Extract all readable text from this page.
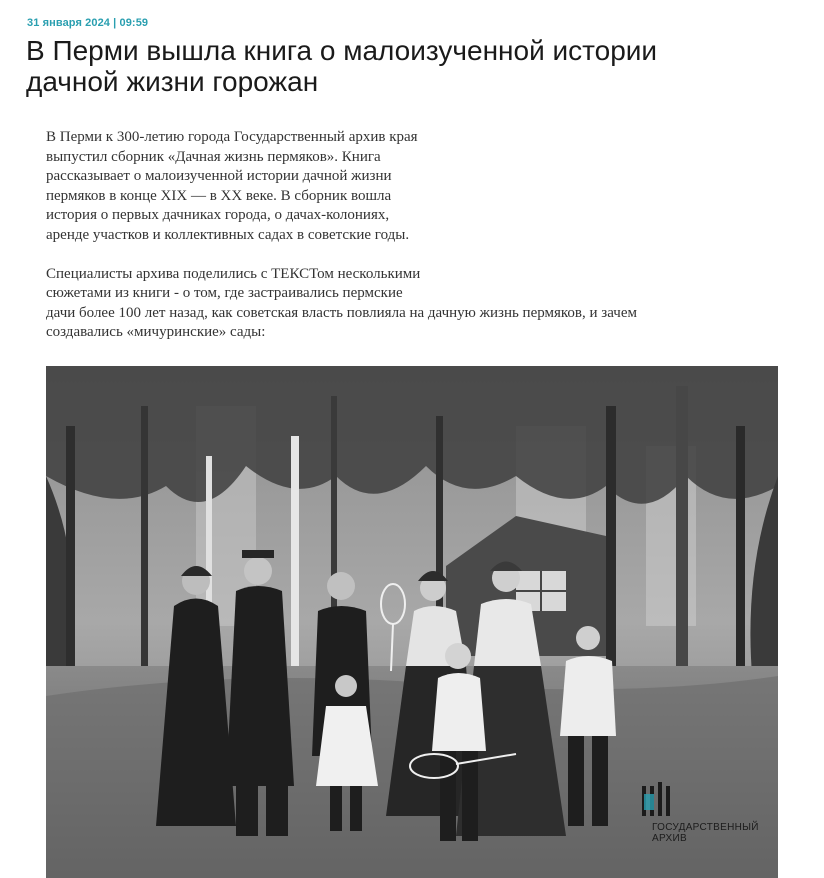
31 января 2024 | 09:59
В Перми вышла книга о малоизученной истории
дачной жизни горожан

В Перми к 300-летию города Государственный архив края

выпустил сборник «Дачная жизнь пермяков». Книга

рассказывает о малоизученной истории дачной жизни

пермяков в конце XIX — в XX веке. В сборник вошла

история о первых дачниках города, о дачах-колониях,

аренде участков и коллективных садах в советские годы.

Специалисты архива поделились с ТЕКСТом несколькими

сюжетами из книги - о том, где застраивались пермские

дачи более 100 лет назад, как советская власть повлияла на дачную жизнь пермяков, и зачем

создавались «мичуринские» сады:

ГОСУДАРСТВЕННЫЙ
АРХИВ
